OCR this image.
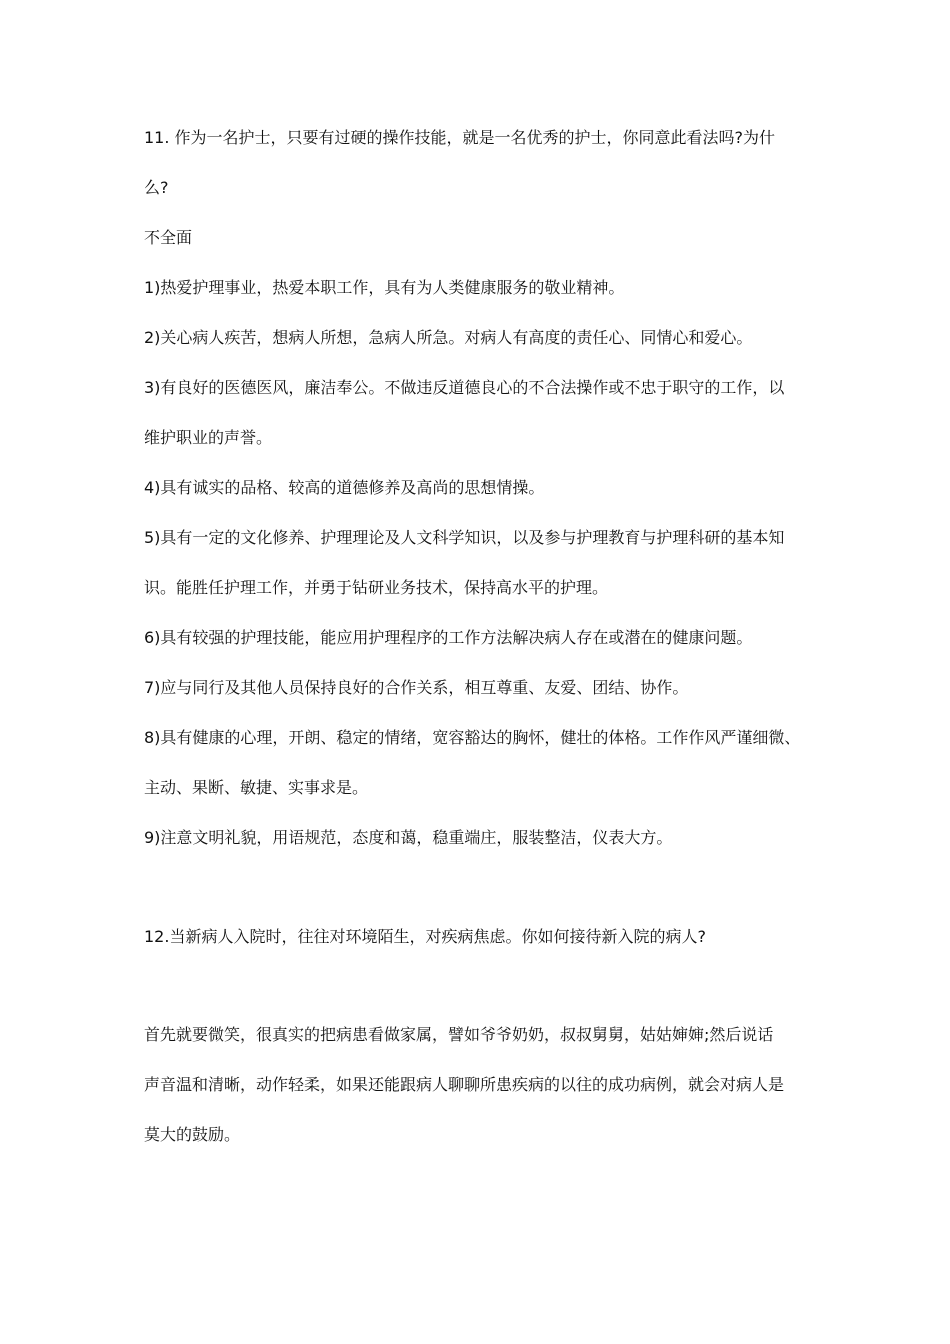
11. 作为一名护士，只要有过硬的操作技能，就是一名优秀的护士，你同意此看法吗?为什
么?
不全面
1)热爱护理事业，热爱本职工作，具有为人类健康服务的敬业精神。
2)关心病人疾苦，想病人所想，急病人所急。对病人有高度的责任心、同情心和爱心。
3)有良好的医德医风，廉洁奉公。不做违反道德良心的不合法操作或不忠于职守的工作，以
维护职业的声誉。
4)具有诚实的品格、较高的道德修养及高尚的思想情操。
5)具有一定的文化修养、护理理论及人文科学知识，以及参与护理教育与护理科研的基本知
识。能胜任护理工作，并勇于钻研业务技术，保持高水平的护理。
6)具有较强的护理技能，能应用护理程序的工作方法解决病人存在或潜在的健康问题。
7)应与同行及其他人员保持良好的合作关系，相互尊重、友爱、团结、协作。
8)具有健康的心理，开朗、稳定的情绪，宽容豁达的胸怀，健壮的体格。工作作风严谨细微、
主动、果断、敏捷、实事求是。
9)注意文明礼貌，用语规范，态度和蔼，稳重端庄，服装整洁，仪表大方。
12.当新病人入院时，往往对环境陌生，对疾病焦虑。你如何接待新入院的病人?
首先就要微笑，很真实的把病患看做家属，譬如爷爷奶奶，叔叔舅舅，姑姑婶婶;然后说话
声音温和清晰，动作轻柔，如果还能跟病人聊聊所患疾病的以往的成功病例，就会对病人是
莫大的鼓励。
